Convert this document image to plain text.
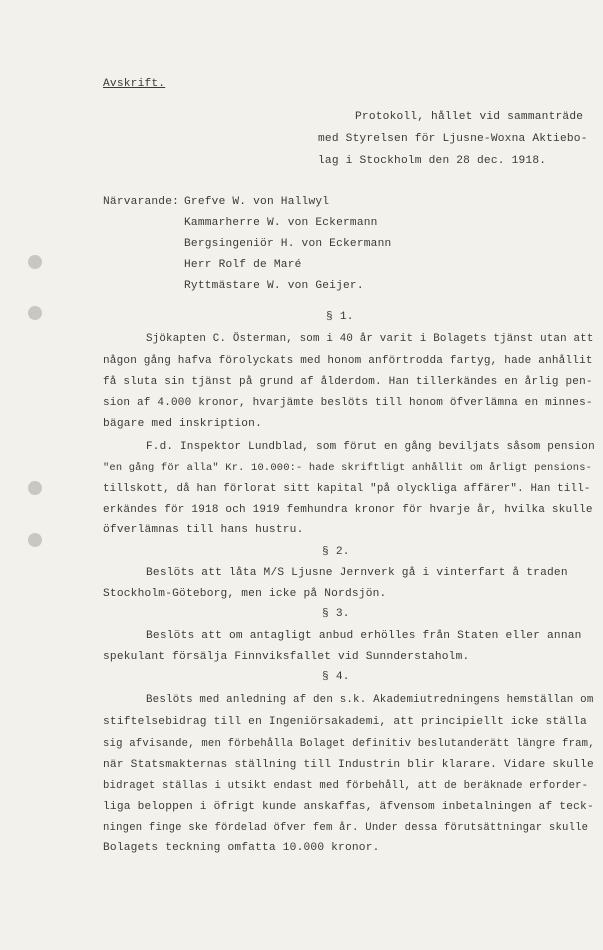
Avskrift.
Protokoll, hållet vid sammanträde
med Styrelsen för Ljusne-Woxna Aktiebo-
lag i Stockholm den 28 dec. 1918.
Närvarande: Grefve W. von Hallwyl
Kammarherre W. von Eckermann
Bergsingeniör H. von Eckermann
Herr Rolf de Maré
Ryttmästare W. von Geijer.
§ 1.
Sjökapten C. Österman, som i 40 år varit i Bolagets tjänst utan att
någon gång hafva förolyckats med honom anförtrodda fartyg, hade anhållit
få sluta sin tjänst på grund af ålderdom. Han tillerkändes en årlig pen-
sion af 4.000 kronor, hvarjämte beslöts till honom öfverlämna en minnes-
bägare med inskription.
F.d. Inspektor Lundblad, som förut en gång beviljats såsom pension
"en gång för alla" Kr. 10.000:- hade skriftligt anhållit om årligt pensions-
tillskott, då han förlorat sitt kapital "på olyckliga affärer". Han till-
erkändes för 1918 och 1919 femhundra kronor för hvarje år, hvilka skulle
öfverlämnas till hans hustru.
§ 2.
Beslöts att låta M/S Ljusne Jernverk gå i vinterfart å traden
Stockholm-Göteborg, men icke på Nordsjön.
§ 3.
Beslöts att om antagligt anbud erhölles från Staten eller annan
spekulant försälja Finnviksfallet vid Sunnderstaholm.
§ 4.
Beslöts med anledning af den s.k. Akademiutredningens hemställan om
stiftelsebidrag till en Ingeniörsakademi, att principiellt icke ställa
sig afvisande, men förbehålla Bolaget definitiv beslutanderätt längre fram,
när Statsmakternas ställning till Industrin blir klarare. Vidare skulle
bidraget ställas i utsikt endast med förbehåll, att de beräknade erforder-
liga beloppen i öfrigt kunde anskaffas, äfvensom inbetalningen af teck-
ningen finge ske fördelad öfver fem år. Under dessa förutsättningar skulle
Bolagets teckning omfatta 10.000 kronor.
